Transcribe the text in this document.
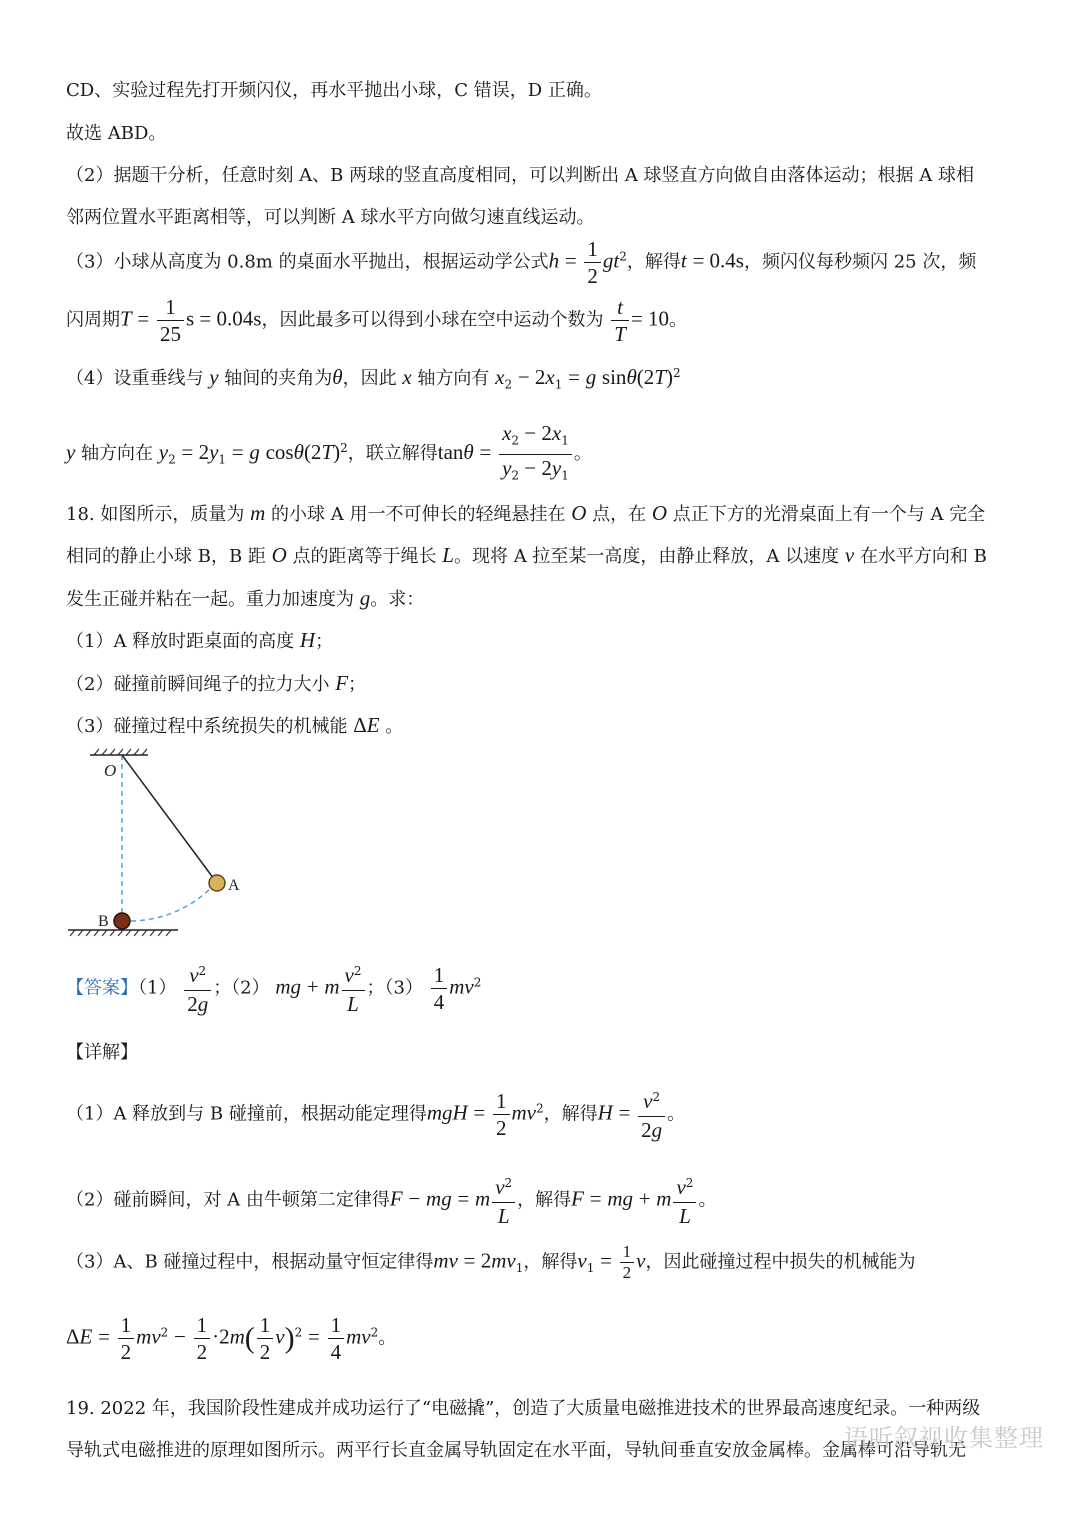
CD、实验过程先打开频闪仪，再水平抛出小球，C 错误，D 正确。
故选 ABD。
（2）据题干分析，任意时刻 A、B 两球的竖直高度相同，可以判断出 A 球竖直方向做自由落体运动；根据 A 球相
邻两位置水平距离相等，可以判断 A 球水平方向做匀速直线运动。
（3）小球从高度为 0.8m 的桌面水平抛出，根据运动学公式$h = \frac{1}{2} gt^2$，解得t = 0.4s，频闪仪每秒频闪 25 次，频
闪周期$T = \frac{1}{25}$ s = 0.04s，因此最多可以得到小球在空中运动个数为 $\frac{t}{T} = 10$。
（4）设重垂线与 y 轴间的夹角为θ，因此 x 轴方向有 $x_2 - 2x_1 = g$ $\sin\theta(2T)^2$
y 轴方向在 $y_2 = 2y_1 = g$ $\cos\theta(2T)^2$，联立解得$\tan\theta = \frac{x_2 - 2x_1}{y_2 - 2y_1}$ 。
18. 如图所示，质量为 m 的小球 A 用一不可伸长的轻绳悬挂在 O 点，在 O 点正下方的光滑桌面上有一个与 A 完全
相同的静止小球 B，B 距 O 点的距离等于绳长 L。现将 A 拉至某一高度，由静止释放，A 以速度 v 在水平方向和 B
发生正碰并粘在一起。重力加速度为 g。求：
（1）A 释放时距桌面的高度 H；
（2）碰撞前瞬间绳子的拉力大小 F；
（3）碰撞过程中系统损失的机械能 ΔE 。
O
A
B
【答案】$(1) \frac{v^2}{2g}$ ；（2） mg + m $\frac{v^2}{L}$ ；$(3) \frac{1}{4} mv^2$
【详解】
（1）A 释放到与 B 碰撞前，根据动能定理得mgH = $\frac{1}{2} mv^2$，解得$H = \frac{v^2}{2g}$ 。
（2）碰前瞬间，对 A 由牛顿第二定律得F − mg = m $\frac{v^2}{L}$ ，解得F = mg + m $\frac{v^2}{L}$ 。
（3）A、B 碰撞过程中，根据动量守恒定律得mv = $2mv_1$，解得$v_1 = \frac{1}{2}$ v，因此碰撞过程中损失的机械能为
$\Delta E = \frac{1}{2} mv^2 - \frac{1}{2} \cdot 2m( \frac{1}{2} v)^2 = \frac{1}{4} mv^2$。
19. 2022 年，我国阶段性建成并成功运行了“电磁撬”，创造了大质量电磁推进技术的世界最高速度纪录。一种两级
导轨式电磁推进的原理如图所示。两平行长直金属导轨固定在水平面，导轨间垂直安放金属棒。金属棒可沿导轨无
语听叙视收集整理
